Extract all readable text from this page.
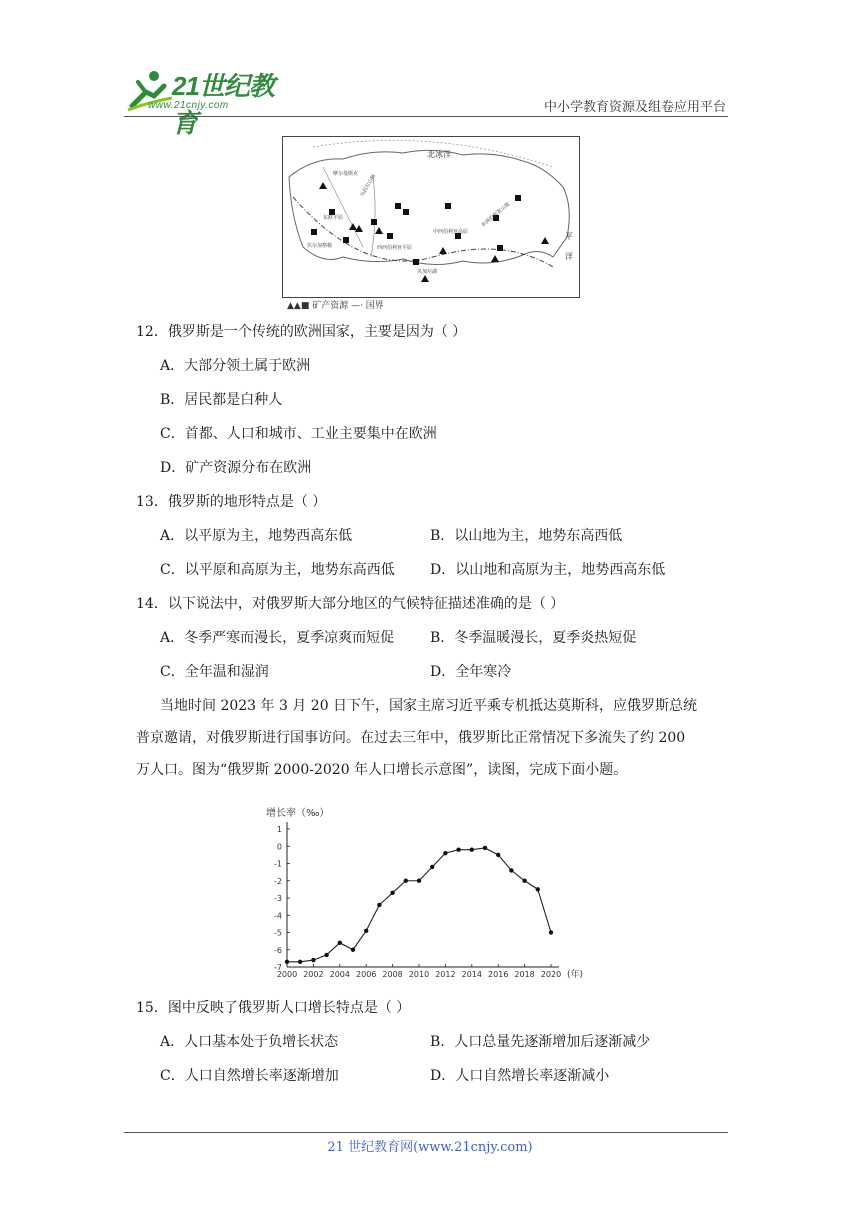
21世纪教育
www.21cnjy.com	中小学教育资源及组卷应用平台
北冰洋
平
洋
摩尔曼斯克
东西伯利亚山地
中西伯利亚高原
西西伯利亚平原
伏尔加格勒
东欧平原
乌拉尔山脉
贝加尔湖
▲▲■ 矿产资源 —· 国界
12．俄罗斯是一个传统的欧洲国家，主要是因为（ ）
A．大部分领土属于欧洲
B．居民都是白种人
C．首都、人口和城市、工业主要集中在欧洲
D．矿产资源分布在欧洲
13．俄罗斯的地形特点是（ ）
A．以平原为主，地势西高东低	B．以山地为主，地势东高西低
C．以平原和高原为主，地势东高西低	D．以山地和高原为主，地势西高东低
14．以下说法中，对俄罗斯大部分地区的气候特征描述准确的是（ ）
A．冬季严寒而漫长，夏季凉爽而短促	B．冬季温暖漫长，夏季炎热短促
C．全年温和湿润	D．全年寒冷

当地时间 2023 年 3 月 20 日下午，国家主席习近平乘专机抵达莫斯科，应俄罗斯总统

普京邀请，对俄罗斯进行国事访问。在过去三年中，俄罗斯比正常情况下多流失了约 200

万人口。图为“俄罗斯 2000-2020 年人口增长示意图”，读图，完成下面小题。

增长率（‰）
(年)
1
0
-1
-2
-3
-4
-5
-6
-7
2000 2002 2004 2006 2008 2010 2012 2014 2016 2018 2020
15．图中反映了俄罗斯人口增长特点是（ ）
A．人口基本处于负增长状态	B．人口总量先逐渐增加后逐渐减少
C．人口自然增长率逐渐增加	D．人口自然增长率逐渐减小
21 世纪教育网(www.21cnjy.com)
